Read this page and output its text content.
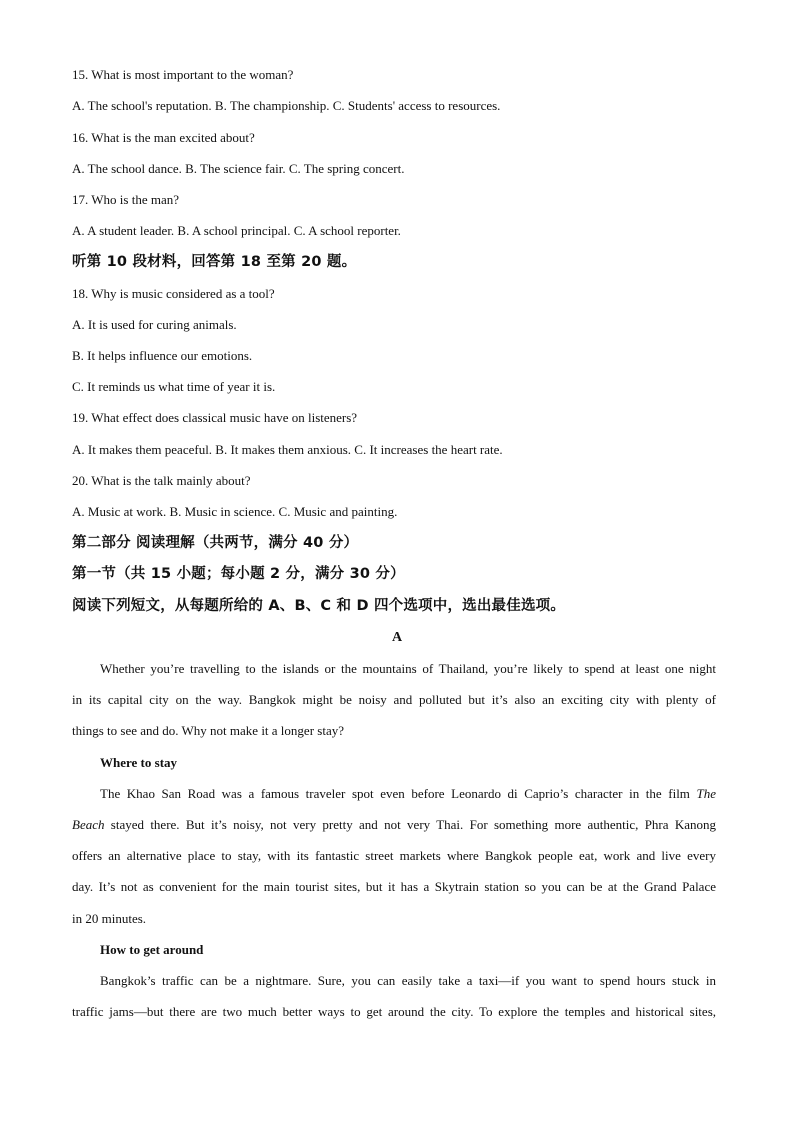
15. What is most important to the woman?
A. The school's reputation. B. The championship. C. Students' access to resources.
16. What is the man excited about?
A. The school dance. B. The science fair. C. The spring concert.
17. Who is the man?
A. A student leader. B. A school principal. C. A school reporter.
听第 10 段材料，回答第 18 至第 20 题。
18. Why is music considered as a tool?
A. It is used for curing animals.
B. It helps influence our emotions.
C. It reminds us what time of year it is.
19. What effect does classical music have on listeners?
A. It makes them peaceful. B. It makes them anxious. C. It increases the heart rate.
20. What is the talk mainly about?
A. Music at work. B. Music in science. C. Music and painting.
第二部分 阅读理解（共两节，满分 40 分）
第一节（共 15 小题；每小题 2 分，满分 30 分）
阅读下列短文，从每题所给的 A、B、C 和 D 四个选项中，选出最佳选项。
A
Whether you’re travelling to the islands or the mountains of Thailand, you’re likely to spend at least one night
in its capital city on the way. Bangkok might be noisy and polluted but it’s also an exciting city with plenty of
things to see and do. Why not make it a longer stay?
Where to stay
The Khao San Road was a famous traveler spot even before Leonardo di Caprio’s character in the film The
Beach stayed there. But it’s noisy, not very pretty and not very Thai. For something more authentic, Phra Kanong
offers an alternative place to stay, with its fantastic street markets where Bangkok people eat, work and live every
day. It’s not as convenient for the main tourist sites, but it has a Skytrain station so you can be at the Grand Palace
in 20 minutes.
How to get around
Bangkok’s traffic can be a nightmare. Sure, you can easily take a taxi—if you want to spend hours stuck in
traffic jams—but there are two much better ways to get around the city. To explore the temples and historical sites,
